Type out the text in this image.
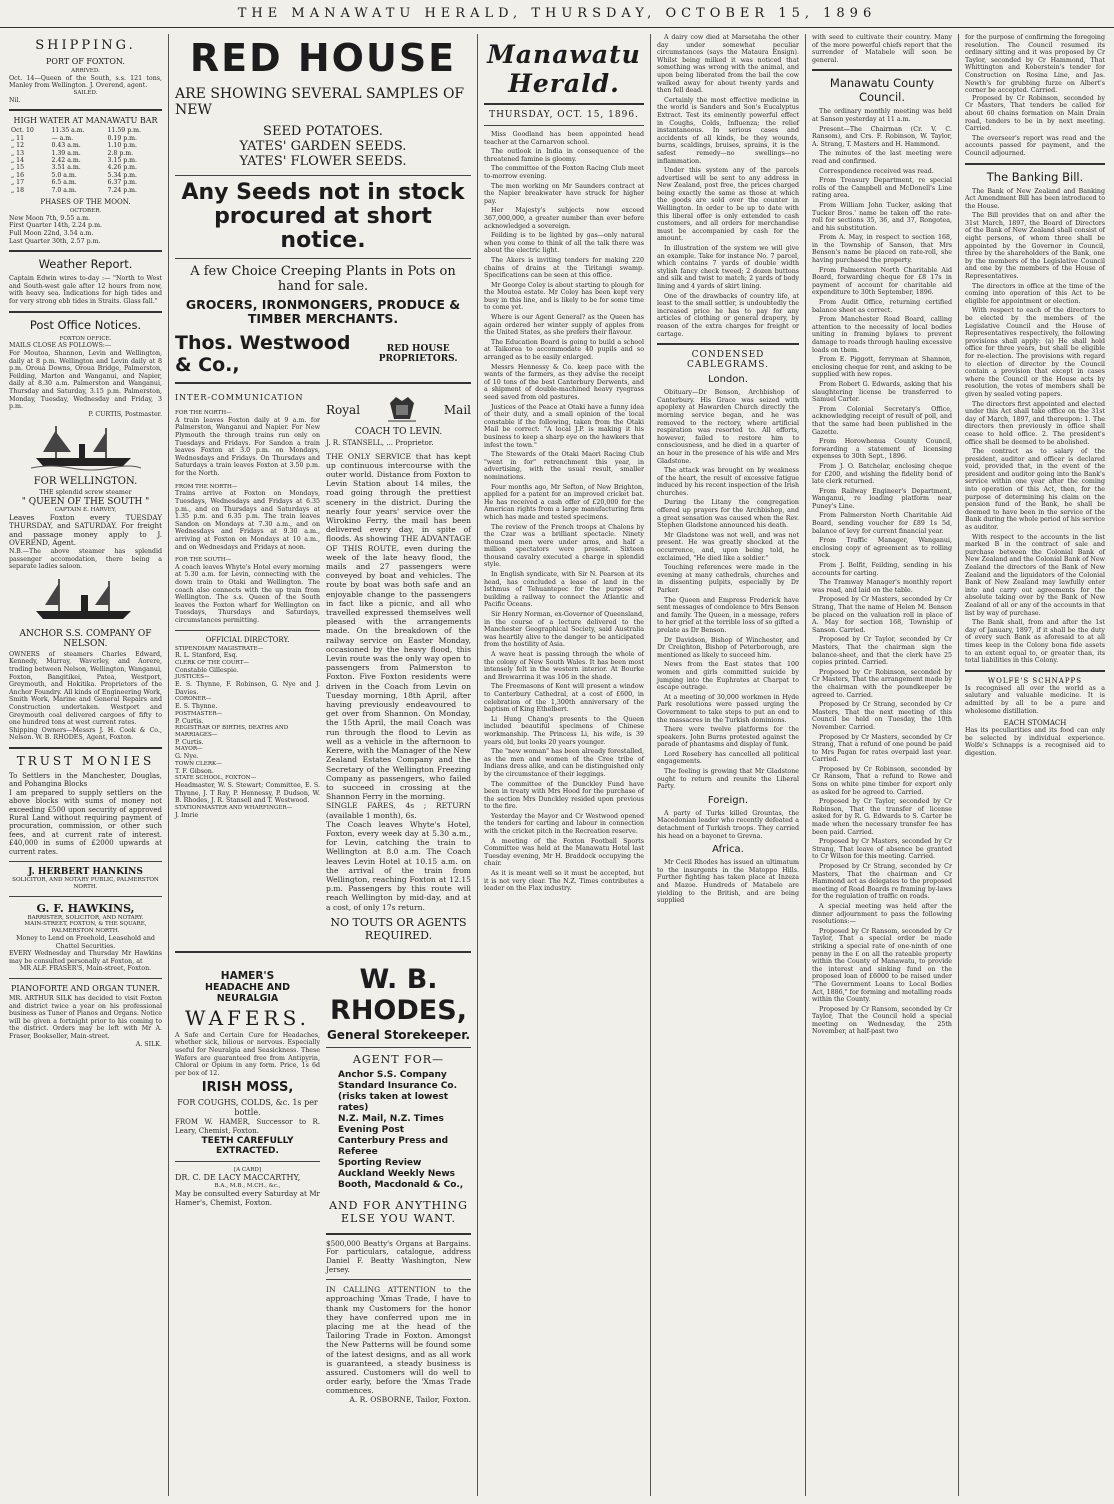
THE MANAWATU HERALD, THURSDAY, OCTOBER 15, 1896
SHIPPING.
PORT OF FOXTON.
ARRIVED.
Oct. 14—Queen of the South, s.s. 121 tons, Manley from Wellington. J. Overend, agent.
SAILED.
Nil.
HIGH WATER AT MANAWATU BAR
Oct. 10	11.35 a.m.	11.59 p.m.
„ 11	— a.m.	0.19 p.m.
„ 12	0.43 a.m.	1.10 p.m.
„ 13	1.39 a.m.	2.8 p.m.
„ 14	2.42 a.m.	3.15 p.m.
„ 15	3.51 a.m.	4.26 p.m.
„ 16	5.0 a.m.	5.34 p.m.
„ 17	6.5 a.m.	6.37 p.m.
„ 18	7.0 a.m.	7.24 p.m.
PHASES OF THE MOON.
OCTOBER.
New Moon 7th, 9.55 a.m.
First Quarter 14th, 2.24 p.m.
Full Moon 22nd, 3.54 a.m.
Last Quarter 30th, 2.57 p.m.
Weather Report.
Captain Edwin wires to-day :— "North to West and South-west gale after 12 hours from now, with heavy sea. Indications for high tides and for very strong ebb tides in Straits. Glass fall."
Post Office Notices.
FOXTON OFFICE.
MAILS CLOSE AS FOLLOWS:—
For Moutoa, Shannon, Levin and Wellington, daily at 8 p.m. Wellington and Levin daily at 8 p.m. Oroua Downs, Oroua Bridge, Palmerston, Feilding, Marton and Wanganui, and Napier, daily at 8.30 a.m. Palmerston and Wanganui, Thursday and Saturday, 3.15 p.m. Palmerston, Monday, Tuesday, Wednesday and Friday, 3 p.m.
P. CURTIS, Postmaster.
FOR WELLINGTON.
THE splendid screw steamer
" QUEEN OF THE SOUTH "
CAPTAIN E. HARVEY,
Leaves Foxton every TUESDAY THURSDAY, and SATURDAY. For freight and passage money apply to J. OVEREND, Agent.
N.B.—The above steamer has splendid passenger accomodation, there being a separate ladies saloon.
ANCHOR S.S. COMPANY OF NELSON.
OWNERS of steamers Charles Edward, Kennedy, Murray, Waverley, and Aorere, trading between Nelson, Wellington, Wanganui, Foxton, Bangitikei, Patea, Westport, Greymouth, and Hokitika. Proprietors of the Anchor Foundry. All kinds of Engineering Work, Smith Work, Marine and General Repairs and Construction undertaken. Westport and Greymouth coal delivered cargoes of fifty to one hundred tons at west current rates.
Shipping Owners—Messrs J. H. Cook & Co., Nelson. W. B. RHODES, Agent, Foxton.
TRUST MONIES
To Settlers in the Manchester, Douglas, and Pohangina Blocks
I am prepared to supply settlers on the above blocks with sums of money not exceeding £500 upon security of approved Rural Land without requiring payment of procuration, commission, or other such fees, and at current rate of interest. £40,000 in sums of £2000 upwards at current rates.
J. HERBERT HANKINS
SOLICITOR, AND NOTARY PUBLIC, PALMERSTON NORTH.
G. F. HAWKINS,
BARRISTER, SOLICITOR, AND NOTARY.
MAIN-STREET, FOXTON, & THE SQUARE, PALMERSTON NORTH.
Money to Lend on Freehold, Leasehold and Chattel Securities.
EVERY Wednesday and Thursday Mr Hawkins may be consulted personally at Foxton, at
MR ALF. FRASER'S, Main-street, Foxton.
PIANOFORTE AND ORGAN TUNER.
MR. ARTHUR SILK has decided to visit Foxton and district twice a year on his professional business as Tuner of Pianos and Organs. Notice will be given a fortnight prior to his coming to the district. Orders may be left with Mr A. Fraser, Bookseller, Main-street.
A. SILK.
RED HOUSE
ARE SHOWING SEVERAL SAMPLES OF NEW
SEED POTATOES.
YATES' GARDEN SEEDS.
YATES' FLOWER SEEDS.
Any Seeds not in stock procured at short notice.
A few Choice Creeping Plants in Pots on hand for sale.
GROCERS, IRONMONGERS, PRODUCE & TIMBER MERCHANTS.
Thos. Westwood & Co.,
RED HOUSE PROPRIETORS.
INTER-COMMUNICATION
FOR THE NORTH—
A train leaves Foxton daily at 9 a.m. for Palmerston, Wanganui and Napier. For New Plymouth the through trains run only on Tuesdays and Fridays. For Sandon a train leaves Foxton at 3.0 p.m. on Mondays, Wednesdays and Fridays. On Thursdays and Saturdays a train leaves Foxton at 3.50 p.m. for the North.
FROM THE NORTH—
Trains arrive at Foxton on Mondays, Tuesdays, Wednesdays and Fridays at 6.35 p.m., and on Thursdays and Saturdays at 1.35 p.m. and 6.35 p.m. The train leaves Sandon on Mondays at 7.30 a.m., and on Wednesdays and Fridays at 9.30 a.m., arriving at Foxton on Mondays at 10 a.m., and on Wednesdays and Fridays at noon.
FOR THE SOUTH—
A coach leaves Whyte's Hotel every morning at 5.30 a.m. for Levin, connecting with the down train to Otaki and Wellington. The coach also connects with the up train from Wellington. The s.s. Queen of the South leaves the Foxton wharf for Wellington on Tuesdays, Thursdays and Saturdays, circumstances permitting.
OFFICIAL DIRECTORY.
STIPENDIARY MAGISTRATE—
R. L. Stanford, Esq.
CLERK OF THE COURT—
Constable Gillespie.
JUSTICES—
E. S. Thynne, F. Robinson, G. Nye and J. Davies.
CORONER—
E. S. Thynne.
POSTMASTER—
P. Curtis.
REGISTRAR OF BIRTHS, DEATHS AND MARRIAGES—
P. Curtis.
MAYOR—
G. Nye.
TOWN CLERK—
T. F. Gibson.
STATE SCHOOL, FOXTON—
Headmaster, W. S. Stewart; Committee, E. S. Thynne, J. T Ray, P. Hennessy, P. Dudson, W. B. Rhodes, J. R. Stansell and T. Westwood.
STATIONMASTER AND WHARFINGER—
J. Imrie
Royal	Mail
COACH TO LEVIN.
J. R. STANSELL, ... Proprietor.
THE ONLY SERVICE that has kept up continuous intercourse with the outer world. Distance from Foxton to Levin Station about 14 miles, the road going through the prettiest scenery in the district. During the nearly four years' service over the Wirokino Ferry, the mail has been delivered every day, in spite of floods. As showing THE ADVANTAGE OF THIS ROUTE, even during the week of the late heavy flood, the mails and 27 passengers were conveyed by boat and vehicles. The route by boat was both safe and an enjoyable change to the passengers in fact like a picnic, and all who travelled expressed themselves well pleased with the arrangements made. On the breakdown of the railway service on Easter Monday, occasioned by the heavy flood, this Levin route was the only way open to passengers from Palmerston to Foxton. Five Foxton residents were driven in the Coach from Levin on Tuesday morning, 18th April, after having previously endeavoured to get over from Shannon. On Monday, the 15th April, the mail Coach was run through the flood to Levin as well as a vehicle in the afternoon to Kerere, with the Manager of the New Zealand Estates Company and the Secretary of the Wellington Freezing Company as passengers, who failed to succeed in crossing at the Shannon Ferry in the morning.
SINGLE FARES, 4s ; RETURN (available 1 month), 6s.
The Coach leaves Whyte's Hotel, Foxton, every week day at 5.30 a.m., for Levin, catching the train to Wellington at 8.0 a.m. The Coach leaves Levin Hotel at 10.15 a.m. on the arrival of the train from Wellington, reaching Foxton at 12.15 p.m. Passengers by this route will reach Wellington by mid-day, and at a cost, of only 17s return.
NO TOUTS OR AGENTS REQUIRED.
HAMER'S
HEADACHE AND NEURALGIA
WAFERS.
A Safe and Certain Cure for Headaches, whether sick, bilious or nervous. Especially useful for Neuralgia and Seasickness. These Wafers are guaranteed free from Antipyrin, Chloral or Opium in any form. Price, 1s 6d per box of 12.
IRISH MOSS,
FOR COUGHS, COLDS, &c. 1s per bottle.
FROM W. HAMER, Successor to R. Leary, Chemist, Foxton.
TEETH CAREFULLY EXTRACTED.
[A CARD]
DR. C. DE LACY MACCARTHY,
B.A., M.B., M.CH., &c.,
May be consulted every Saturday at Mr Hamer's, Chemist, Foxton.
W. B. RHODES,
General Storekeeper.
AGENT FOR—
Anchor S.S. Company
Standard Insurance Co. (risks taken at lowest rates)
N.Z. Mail, N.Z. Times
Evening Post
Canterbury Press and Referee
Sporting Review
Auckland Weekly News
Booth, Macdonald & Co.,
AND FOR ANYTHING ELSE YOU WANT.
$500,000 Beatty's Organs at Bargains. For particulars, catalogue, address Daniel F. Beatty Washington, New Jersey.
IN CALLING ATTENTION to the approaching 'Xmas Trade, I have to thank my Customers for the honor they have conferred upon me in placing me at the head of the Tailoring Trade in Foxton. Amongst the New Patterns will be found some of the latest designs, and as all work is guaranteed, a steady business is assured. Customers will do well to order early, before the 'Xmas Trade commences.
A. R. OSBORNE, Tailor, Foxton.
Manawatu Herald.
THURSDAY, OCT. 15, 1896.

Miss Goodland has been appointed head teacher at the Carnarvon school.

The outlook in India in consequence of the threatened famine is gloomy.

The committee of the Foxton Racing Club meet to-morrow evening.

The men working on Mr Saunders contract at the Napier breakwater have struck for higher pay.

Her Majesty's subjects now exceed 367,000,000, a greater number than ever before acknowledged a sovereign.

Feilding is to be lighted by gas—only natural when you come to think of all the talk there was about the electric light.

The Akers is inviting tenders for making 220 chains of drains at the Tiritangi swamp. Specifications can be seen at this office.

Mr George Coley is about starting to plough for the Moutoa estate. Mr Coley has been kept very busy in this line, and is likely to be for some time to come yet.

Where is our Agent General? as the Queen has again ordered her winter supply of apples from the United States, as she prefers their flavour.

The Education Board is going to build a school at Taikorea to accommodate 40 pupils and so arranged as to be easily enlarged.

Messrs Hennessy & Co. keep pace with the wants of the farmers, as they advise the receipt of 10 tons of the best Canterbury Derwents, and a shipment of double-machined heavy ryegrass seed saved from old pastures.

Justices of the Peace at Otaki have a funny idea of their duty, and a small opinion of the local constable if the following, taken from the Otaki Mail be correct: "A local J.P. is making it his business to keep a sharp eye on the hawkers that infest the town."

The Stewards of the Otaki Maori Racing Club "went in for" retrenchment this year, in advertising, with the usual result, smaller nominations.

Four months ago, Mr Sefton, of New Brighton, applied for a patent for an improved cricket bat. He has received a cash offer of £20,000 for the American rights from a large manufacturing firm which has made and tested specimens.

The review of the French troops at Chalons by the Czar was a brilliant spectacle. Ninety thousand men were under arms, and half a million spectators were present. Sixteen thousand cavalry executed a charge in splendid style.

In English syndicate, with Sir N. Pearson at its head, has concluded a lease of land in the Isthmus of Tehuantepec for the purpose of building a railway to connect the Atlantic and Pacific Oceans.

Sir Henry Norman, ex-Governor of Queensland, in the course of a lecture delivered to the Manchester Geographical Society, said Australia was heartily alive to the danger to be anticipated from the hostility of Asia.

A wave heat is passing through the whole of the colony of New South Wales. It has been most intensely felt in the western interior. At Bourke and Brewarrina it was 106 in the shade.

The Freemasons of Kent will present a window to Canterbury Cathedral, at a cost of £600, in celebration of the 1,300th anniversary of the baptism of King Ethelbert.

Li Hung Chang's presents to the Queen included beautiful specimens of Chinese workmanship. The Princess Li, his wife, is 39 years old, but looks 20 years younger.

The "new woman" has been already forestalled, as the men and women of the Cree tribe of Indians dress alike, and can be distinguished only by the circumstance of their leggings.

The committee of the Dunckley Fund have been in treaty with Mrs Hood for the purchase of the section Mrs Dunckley resided upon previous to the fire.

Yesterday the Mayor and Cr Westwood opened the tenders for carting and labour in connection with the cricket pitch in the Recreation reserve.

A meeting of the Foxton Football Sports Committee was held at the Manawatu Hotel last Tuesday evening, Mr H. Braddock occupying the chair.

As it is meant well so it must be accepted, but it is not very clear. The N.Z. Times contributes a leader on the Flax industry.

A dairy cow died at Marsetaha the other day under somewhat peculiar circumstances (says the Mataura Ensign). Whilst being milked it was noticed that something was wrong with the animal, and upon being liberated from the bail the cow walked away for about twenty yards and then fell dead.

Certainly the most effective medicine in the world is Sanders and Son's Eucalyptus Extract. Test its eminently powerful effect in Coughs, Colds, Influenza; the relief instantaneous. In serious cases and accidents of all kinds, be they wounds, burns, scaldings, bruises, sprains, it is the safest remedy—no swellings—no inflammation.

Under this system any of the parcels advertised will be sent to any address in New Zealand, post free, the prices charged being exactly the same as those at which the goods are sold over the counter in Wellington. In order to be up to date with this liberal offer is only extended to cash customers, and all orders for merchandise must be accompanied by cash for the amount.

In illustration of the system we will give an example. Take for instance No. 7 parcel, which contains 7 yards of double width stylish fancy check tweed; 2 dozen buttons and silk and twist to match; 2 yards of body lining and 4 yards of skirt lining.

One of the drawbacks of country life, at least to the small settler, is undoubtedly the increased price he has to pay for any articles of clothing or general drapery, by reason of the extra charges for freight or cartage.

CONDENSED CABLEGRAMS.
London.

Obituary—Dr Benson, Archbishop of Canterbury. His Grace was seized with apoplexy at Hawarden Church directly the morning service began, and he was removed to the rectory, where artificial respiration was resorted to. All efforts, however, failed to restore him to consciousness, and he died in a quarter of an hour in the presence of his wife and Mrs Gladstone.

The attack was brought on by weakness of the heart, the result of excessive fatigue induced by his recent inspection of the Irish churches.

During the Litany the congregation offered up prayers for the Archbishop, and a great sensation was caused when the Rev. Stephen Gladstone announced his death.

Mr Gladstone was not well, and was not present. He was greatly shocked at the occurrence, and, upon being told, he exclaimed, "He died like a soldier."

Touching references were made in the evening at many cathedrals, churches and in dissenting pulpits, especially by Dr Parker.

The Queen and Empress Frederick have sent messages of condolence to Mrs Benson and family. The Queen, in a message, refers to her grief at the terrible loss of so gifted a prelate as Dr Benson.

Dr Davidson, Bishop of Winchester, and Dr Creighton, Bishop of Peterborough, are mentioned as likely to succeed him.

News from the East states that 100 women and girls committed suicide by jumping into the Euphrates at Charpat to escape outrage.

At a meeting of 30,000 workmen in Hyde Park resolutions were passed urging the Government to take steps to put an end to the massacres in the Turkish dominions.

There were twelve platforms for the speakers. John Burns protested against the parade of phantasms and display of funk.

Lord Rosebery has cancelled all political engagements.

The feeling is growing that Mr Gladstone ought to return and reunite the Liberal Party.

Foreign.

A party of Turks killed Grountas, the Macedonian leader who recently defeated a detachment of Turkish troops. They carried his head on a bayonet to Grevna.

Africa.

Mr Cecil Rhodes has issued an ultimatum to the insurgents in the Matoppo Hills. Further fighting has taken place at Inzeza and Mazoe. Hundreds of Matabele are yielding to the British, and are being supplied

with seed to cultivate their country. Many of the more powerful chiefs report that the surrender of Matabele will soon be general.
Manawatu County Council.

The ordinary monthly meeting was held at Sanson yesterday at 11 a.m.

Present—The Chairman (Cr. V. C. Ransom), and Crs. F. Robinson, W. Taylor, A. Strang, T. Masters and H. Hammond.

The minutes of the last meeting were read and confirmed.

Correspondence received was read.

From Treasury Department, re special rolls of the Campbell and McDonell's Line rating area.

From William John Tucker, asking that Tucker Bros.' name be taken off the rate-roll for sections 35, 36, and 37, Rongotea, and his substitution.

From A. May, in respect to section 168, in the Township of Sanson, that Mrs Benson's name be placed on rate-roll, she having purchased the property.

From Palmerston North Charitable Aid Board, forwarding cheque for £8 17s in payment of account for charitable aid expenditure to 30th September, 1896.

From Audit Office, returning certified balance sheet as correct.

From Manchester Road Board, calling attention to the necessity of local bodies uniting in framing bylaws to prevent damage to roads through hauling excessive loads on them.

From E. Piggott, ferryman at Shannon, enclosing cheque for rent, and asking to be supplied with new ropes.

From Robert G. Edwards, asking that his slaughtering license be transferred to Samuel Carter.

From Colonial Secretary's Office, acknowledging receipt of result of poll, and that the same had been published in the Gazette.

From Horowhenua County Council, forwarding a statement of licensing expenses to 30th Sept., 1896.

From J. O. Batchelar, enclosing cheque for £200, and wishing the fidelity bond of late clerk returned.

From Railway Engineer's Department, Wanganui, re loading platform near Puney's Line.

From Palmerston North Charitable Aid Board, sending voucher for £89 1s 5d, balance of levy for current financial year.

From Traffic Manager, Wanganui, enclosing copy of agreement as to rolling stock.

From J. Belfit, Feilding, sending in his accounts for carting.

The Tramway Manager's monthly report was read, and laid on the table.

Proposed by Cr Masters, seconded by Cr Strang, That the name of Helen M. Benson be placed on the valuation roll in place of A. May for section 168, Township of Sanson. Carried.

Proposed by Cr Taylor, seconded by Cr Masters, That the chairman sign the balance-sheet, and that the clerk have 25 copies printed. Carried.

Proposed by Cr Robinson, seconded by Cr Masters, That the arrangement made by the chairman with the poundkeeper be agreed to. Carried.

Proposed by Cr Strang, seconded by Cr Masters, That the next meeting of this Council be held on Tuesday, the 10th November. Carried.

Proposed by Cr Masters, seconded by Cr Strang, That a refund of one pound be paid to Mrs Pagan for rates overpaid last year. Carried.

Proposed by Cr Robinson, seconded by Cr Ransom, That a refund to Rowe and Sons on white pine timber for export only as asked for be agreed to. Carried.

Proposed by Cr Taylor, seconded by Cr Robinson, That the transfer of license asked for by R. G. Edwards to S. Carter be made when the necessary transfer fee has been paid. Carried.

Proposed by Cr Masters, seconded by Cr Strang, That leave of absence be granted to Cr Wilson for this meeting. Carried.

Proposed by Cr Strang, seconded by Cr Masters, That the chairman and Cr Hammond act as delegates to the proposed meeting of Road Boards re framing by-laws for the regulation of traffic on roads.

A special meeting was held after the dinner adjournment to pass the following resolutions:—

Proposed by Cr Ransom, seconded by Cr Taylor, That a special order be made striking a special rate of one-ninth of one penny in the £ on all the rateable property within the County of Manawatu, to provide the interest and sinking fund on the proposed loan of £6000 to be raised under "The Government Loans to Local Bodies Act, 1886," for forming and metalling roads within the County.

Proposed by Cr Ransom, seconded by Cr Taylor, That the Council hold a special meeting on Wednesday, the 25th November, at half-past two

for the purpose of confirming the foregoing resolution. The Council resumed its ordinary sitting and it was proposed by Cr Taylor, seconded by Cr Hammond, That Whittington and Koberstein's tender for Construction on Rosina Line, and Jas. Newth's for grubbing furze on Albert's corner be accepted. Carried.

Proposed by Cr Robinson, seconded by Cr Masters, That tenders be called for about 60 chains formation on Main Drain road, tenders to be in by next meeting. Carried.

The overseer's report was read and the accounts passed for payment, and the Council adjourned.

The Banking Bill.

The Bank of New Zealand and Banking Act Amendment Bill has been introduced to the House.

The Bill provides that on and after the 31st March, 1897, the Board of Directors of the Bank of New Zealand shall consist of eight persons, of whom three shall be appointed by the Governor in Council, three by the shareholders of the Bank, one by the members of the Legislative Council and one by the members of the House of Representatives.

The directors in office at the time of the coming into operation of this Act to be eligible for appointment or election.

With respect to each of the directors to be elected by the members of the Legislative Council and the House of Representatives respectively, the following provisions shall apply: (a) He shall hold office for three years, but shall be eligible for re-election. The provisions with regard to election of director by the Council contain a provision that except in cases where the Council or the House acts by resolution, the votes of members shall be given by sealed voting papers.

The directors first appointed and elected under this Act shall take office on the 31st day of March, 1897, and thereupon: 1. The directors then previously in office shall cease to hold office. 2. The president's office shall be deemed to be abolished.

The contract as to salary of the president, auditor and officer is declared void, provided that, in the event of the president and auditor going into the Bank's service within one year after the coming into operation of this Act, then, for the purpose of determining his claim on the pension fund of the Bank, he shall be deemed to have been in the service of the Bank during the whole period of his service as auditor.

With respect to the accounts in the list marked B in the contract of sale and purchase between the Colonial Bank of New Zealand and the Colonial Bank of New Zealand the directors of the Bank of New Zealand and the liquidators of the Colonial Bank of New Zealand may lawfully enter into and carry out agreements for the absolute taking over by the Bank of New Zealand of all or any of the accounts in that list by way of purchase.

The Bank shall, from and after the 1st day of January, 1897, if it shall be the duty of every such Bank as aforesaid to at all times keep in the Colony bona fide assets to an extent equal to, or greater than, its total liabilities in this Colony.

WOLFE'S SCHNAPPS
Is recognised all over the world as a salutary and valuable medicine. It is admitted by all to be a pure and wholesome distillation.
EACH STOMACH
Has its peculiarities and its food can only be selected by individual experience. Wolfe's Schnapps is a recognised aid to digestion.
